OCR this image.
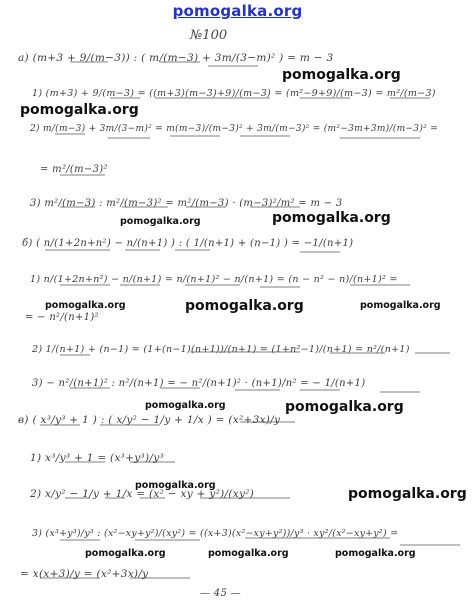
pomogalka.org
№100
a) (m+3 + 9/(m−3)) : ( m/(m−3) + 3m/(3−m)² ) = m − 3
1) (m+3) + 9/(m−3) = ((m+3)(m−3)+9)/(m−3) = (m²−9+9)/(m−3) = m²/(m−3)
2) m/(m−3) + 3m/(3−m)² = m(m−3)/(m−3)² + 3m/(m−3)² = (m²−3m+3m)/(m−3)² =
= m²/(m−3)²
3) m²/(m−3) : m²/(m−3)² = m²/(m−3) · (m−3)²/m² = m − 3
б) ( n/(1+2n+n²) − n/(n+1) ) : ( 1/(n+1) + (n−1) ) = −1/(n+1)
1) n/(1+2n+n²) − n/(n+1) = n/(n+1)² − n/(n+1) = (n − n² − n)/(n+1)² =
= − n²/(n+1)²
2) 1/(n+1) + (n−1) = (1+(n−1)(n+1))/(n+1) = (1+n²−1)/(n+1) = n²/(n+1)
3) − n²/(n+1)² : n²/(n+1) = − n²/(n+1)² · (n+1)/n² = − 1/(n+1)
в) ( x³/y³ + 1 ) : ( x/y² − 1/y + 1/x ) = (x²+3x)/y
1) x³/y³ + 1 = (x³+y³)/y³
2) x/y² − 1/y + 1/x = (x² − xy + y²)/(xy²)
3) (x³+y³)/y³ : (x²−xy+y²)/(xy²) = ((x+3)(x²−xy+y²))/y³ · xy²/(x²−xy+y²) =
= x(x+3)/y = (x²+3x)/y
— 45 —
pomogalka.org
pomogalka.org
pomogalka.org	pomogalka.org
pomogalka.org	pomogalka.org	pomogalka.org
pomogalka.org	pomogalka.org
pomogalka.org
pomogalka.org
pomogalka.org	pomogalka.org	pomogalka.org
